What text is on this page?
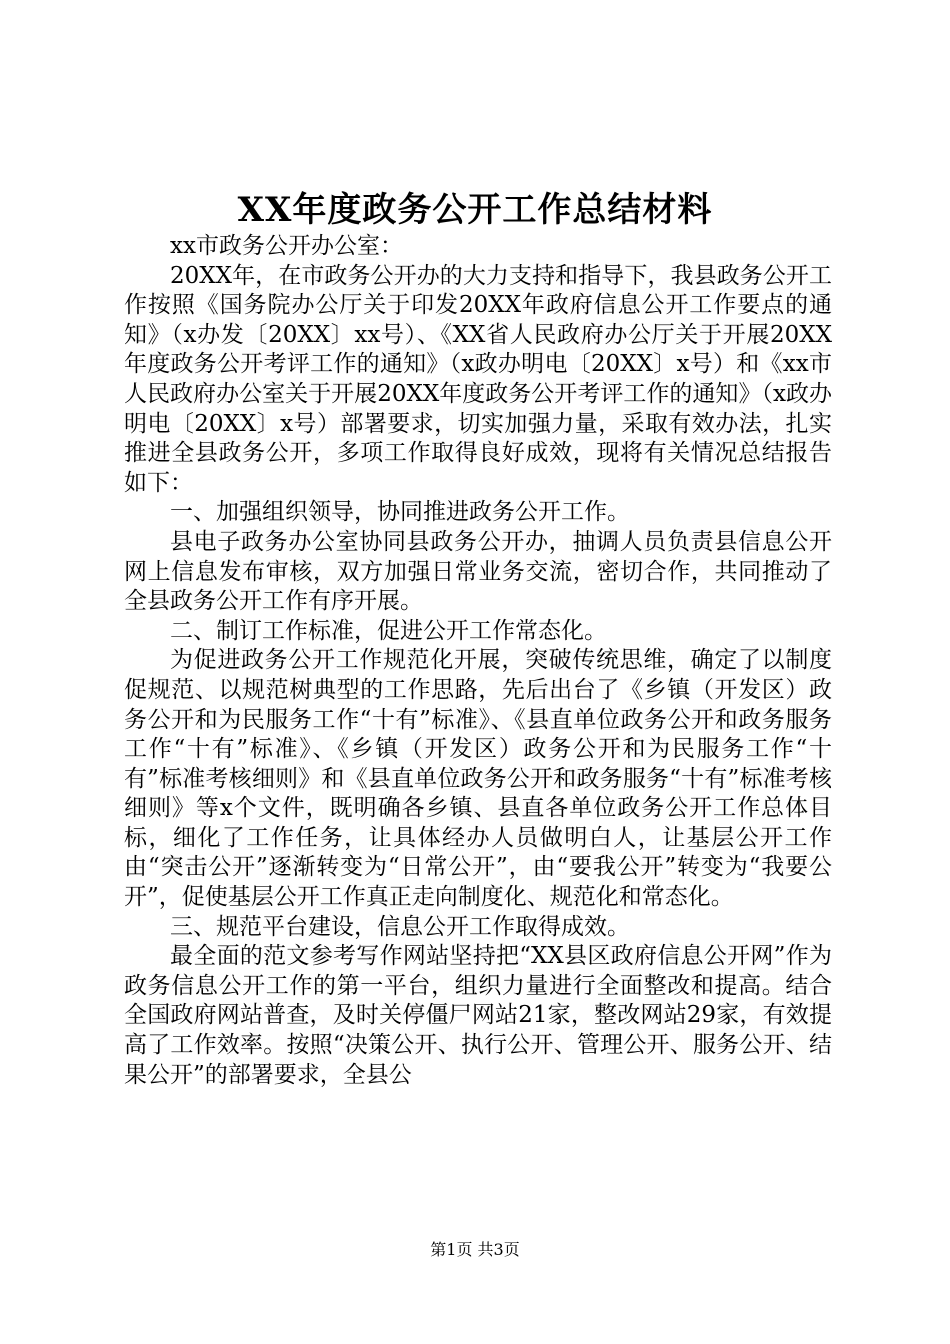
XX年度政务公开工作总结材料

xx市政务公开办公室：

20XX年，在市政务公开办的大力支持和指导下，我县政务公开工作按照《国务院办公厅关于印发20XX年政府信息公开工作要点的通知》（x办发〔20XX〕xx号）、《XX省人民政府办公厅关于开展20XX年度政务公开考评工作的通知》（x政办明电〔20XX〕x号）和《xx市人民政府办公室关于开展20XX年度政务公开考评工作的通知》（x政办明电〔20XX〕x号）部署要求，切实加强力量，采取有效办法，扎实推进全县政务公开，多项工作取得良好成效，现将有关情况总结报告如下：

一、加强组织领导，协同推进政务公开工作。

县电子政务办公室协同县政务公开办，抽调人员负责县信息公开网上信息发布审核，双方加强日常业务交流，密切合作，共同推动了全县政务公开工作有序开展。

二、制订工作标准，促进公开工作常态化。

为促进政务公开工作规范化开展，突破传统思维，确定了以制度促规范、以规范树典型的工作思路，先后出台了《乡镇（开发区）政务公开和为民服务工作“十有”标准》、《县直单位政务公开和政务服务工作“十有”标准》、《乡镇（开发区）政务公开和为民服务工作“十有”标准考核细则》和《县直单位政务公开和政务服务“十有”标准考核细则》等x个文件，既明确各乡镇、县直各单位政务公开工作总体目标，细化了工作任务，让具体经办人员做明白人，让基层公开工作由“突击公开”逐渐转变为“日常公开”，由“要我公开”转变为“我要公开”，促使基层公开工作真正走向制度化、规范化和常态化。

三、规范平台建设，信息公开工作取得成效。

最全面的范文参考写作网站坚持把“XX县区政府信息公开网”作为政务信息公开工作的第一平台，组织力量进行全面整改和提高。结合全国政府网站普查，及时关停僵尸网站21家，整改网站29家，有效提高了工作效率。按照“决策公开、执行公开、管理公开、服务公开、结果公开”的部署要求，全县公

第1页 共3页
